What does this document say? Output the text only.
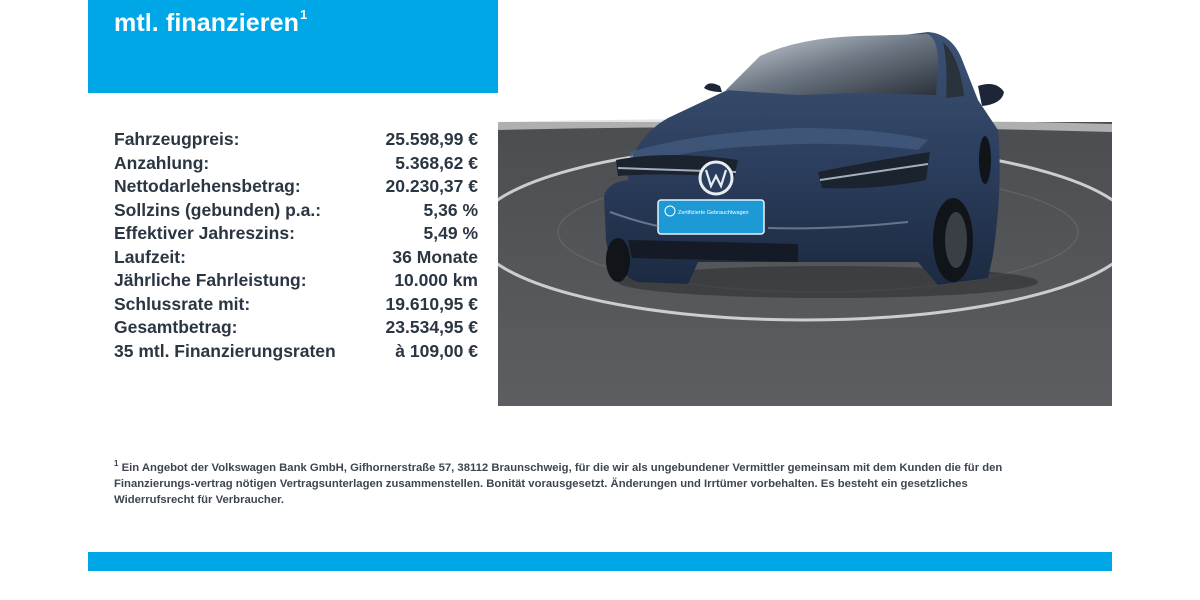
mtl. finanzieren$^1$
Fahrzeugpreis:	25.598,99 €
Anzahlung:	5.368,62 €
Nettodarlehensbetrag:	20.230,37 €
Sollzins (gebunden) p.a.:	5,36 %
Effektiver Jahreszins:	5,49 %
Laufzeit:	36 Monate
Jährliche Fahrleistung:	10.000 km
Schlussrate mit:	19.610,95 €
Gesamtbetrag:	23.534,95 €
35 mtl. Finanzierungsraten	à 109,00 €
Zertifizierte Gebrauchtwagen
$^1$ Ein Angebot der Volkswagen Bank GmbH, Gifhornerstraße 57, 38112 Braunschweig, für die wir als ungebundener Vermittler gemeinsam mit dem Kunden die für den Finanzierungs-vertrag nötigen Vertragsunterlagen zusammenstellen. Bonität vorausgesetzt. Änderungen und Irrtümer vorbehalten. Es besteht ein gesetzliches Widerrufsrecht für Verbraucher.
